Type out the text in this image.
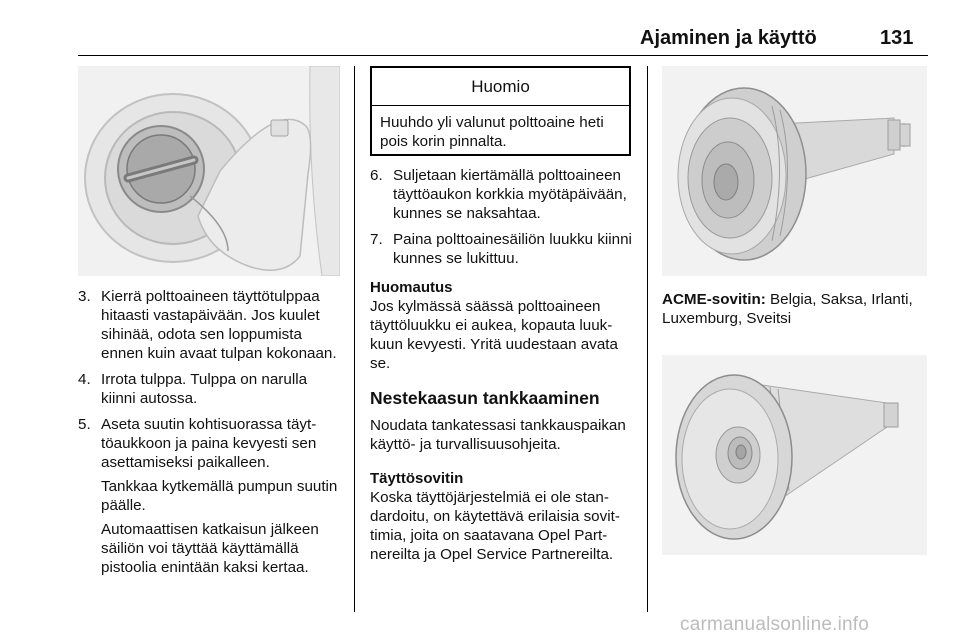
Ajaminen ja käyttö	131
3. Kierrä polttoaineen täyttötulppaa hitaasti vastapäivään. Jos kuulet sihinää, odota sen loppumista ennen kuin avaat tulpan kokonaan.

4. Irrota tulppa. Tulppa on narulla kiinni autossa.

5. Aseta suutin kohtisuorassa täyttöaukkoon ja paina kevyesti sen asettamiseksi paikalleen.

Tankkaa kytkemällä pumpun suutin päälle.

Automaattisen katkaisun jälkeen säiliön voi täyttää käyttämällä pistoolia enintään kaksi kertaa.

Huomio
Huuhdo yli valunut polttoaine heti pois korin pinnalta.
6. Suljetaan kiertämällä polttoaineen täyttöaukon korkkia myötäpäivään, kunnes se naksahtaa.

7. Paina polttoainesäiliön luukku kiinni kunnes se lukittuu.

Huomautus

Jos kylmässä säässä polttoaineen täyttöluukku ei aukea, kopauta luukkuun kevyesti. Yritä uudestaan avata se.

Nestekaasun tankkaaminen

Noudata tankatessasi tankkauspaikan käyttö- ja turvallisuusohjeita.

Täyttösovitin

Koska täyttöjärjestelmiä ei ole standardoitu, on käytettävä erilaisia sovittimia, joita on saatavana Opel Partnereilta ja Opel Service Partnereilta.

ACME-sovitin: Belgia, Saksa, Irlanti, Luxemburg, Sveitsi
carmanualsonline.info
